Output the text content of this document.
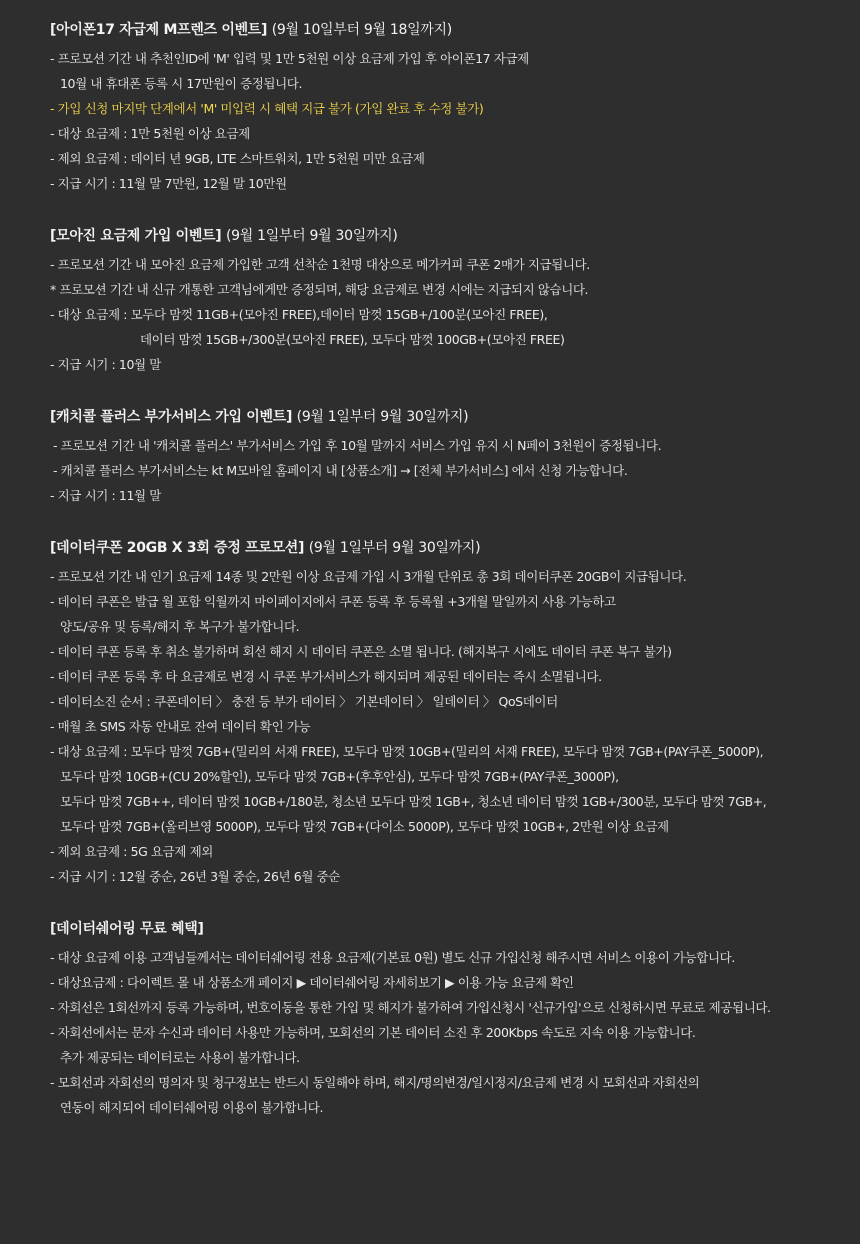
[아이폰17 자급제 M프렌즈 이벤트] (9월 10일부터 9월 18일까지)
- 프로모션 기간 내 추천인ID에 'M' 입력 및 1만 5천원 이상 요금제 가입 후 아이폰17 자급제
10월 내 휴대폰 등록 시 17만원이 증정됩니다.
- 가입 신청 마지막 단계에서 'M' 미입력 시 혜택 지급 불가 (가입 완료 후 수정 불가)
- 대상 요금제 : 1만 5천원 이상 요금제
- 제외 요금제 : 데이터 년 9GB, LTE 스마트워치, 1만 5천원 미만 요금제
- 지급 시기 : 11월 말 7만원, 12월 말 10만원
[모아진 요금제 가입 이벤트] (9월 1일부터 9월 30일까지)
- 프로모션 기간 내 모아진 요금제 가입한 고객 선착순 1천명 대상으로 메가커피 쿠폰 2매가 지급됩니다.
* 프로모션 기간 내 신규 개통한 고객님에게만 증정되며, 해당 요금제로 변경 시에는 지급되지 않습니다.
- 대상 요금제 : 모두다 맘껏 11GB+(모아진 FREE),데이터 맘껏 15GB+/100분(모아진 FREE),
데이터 맘껏 15GB+/300분(모아진 FREE), 모두다 맘껏 100GB+(모아진 FREE)
- 지급 시기 : 10월 말
[캐치콜 플러스 부가서비스 가입 이벤트] (9월 1일부터 9월 30일까지)
- 프로모션 기간 내 '캐치콜 플러스' 부가서비스 가입 후 10월 말까지 서비스 가입 유지 시 N페이 3천원이 증정됩니다.
- 캐치콜 플러스 부가서비스는 kt M모바일 홈페이지 내 [상품소개] → [전체 부가서비스] 에서 신청 가능합니다.
- 지급 시기 : 11월 말
[데이터쿠폰 20GB X 3회 증정 프로모션] (9월 1일부터 9월 30일까지)
- 프로모션 기간 내 인기 요금제 14종 및 2만원 이상 요금제 가입 시 3개월 단위로 총 3회 데이터쿠폰 20GB이 지급됩니다.
- 데이터 쿠폰은 발급 월 포함 익월까지 마이페이지에서 쿠폰 등록 후 등록월 +3개월 말일까지 사용 가능하고
양도/공유 및 등록/해지 후 복구가 불가합니다.
- 데이터 쿠폰 등록 후 취소 불가하며 회선 해지 시 데이터 쿠폰은 소멸 됩니다. (해지복구 시에도 데이터 쿠폰 복구 불가)
- 데이터 쿠폰 등록 후 타 요금제로 변경 시 쿠폰 부가서비스가 해지되며 제공된 데이터는 즉시 소멸됩니다.
- 데이터소진 순서 : 쿠폰데이터 〉 충전 등 부가 데이터 〉 기본데이터 〉 일데이터 〉 QoS데이터
- 매월 초 SMS 자동 안내로 잔여 데이터 확인 가능
- 대상 요금제 : 모두다 맘껏 7GB+(밀리의 서재 FREE), 모두다 맘껏 10GB+(밀리의 서재 FREE), 모두다 맘껏 7GB+(PAY쿠폰_5000P),
모두다 맘껏 10GB+(CU 20%할인), 모두다 맘껏 7GB+(후후안심), 모두다 맘껏 7GB+(PAY쿠폰_3000P),
모두다 맘껏 7GB++, 데이터 맘껏 10GB+/180분, 청소년 모두다 맘껏 1GB+, 청소년 데이터 맘껏 1GB+/300분, 모두다 맘껏 7GB+,
모두다 맘껏 7GB+(올리브영 5000P), 모두다 맘껏 7GB+(다이소 5000P), 모두다 맘껏 10GB+, 2만원 이상 요금제
- 제외 요금제 : 5G 요금제 제외
- 지급 시기 : 12월 중순, 26년 3월 중순, 26년 6월 중순
[데이터쉐어링 무료 혜택]
- 대상 요금제 이용 고객님들께서는 데이터쉐어링 전용 요금제(기본료 0원) 별도 신규 가입신청 해주시면 서비스 이용이 가능합니다.
- 대상요금제 : 다이렉트 몰 내 상품소개 페이지 ▶ 데이터쉐어링 자세히보기 ▶ 이용 가능 요금제 확인
- 자회선은 1회선까지 등록 가능하며, 번호이동을 통한 가입 및 해지가 불가하여 가입신청시 '신규가입'으로 신청하시면 무료로 제공됩니다.
- 자회선에서는 문자 수신과 데이터 사용만 가능하며, 모회선의 기본 데이터 소진 후 200Kbps 속도로 지속 이용 가능합니다.
추가 제공되는 데이터로는 사용이 불가합니다.
- 모회선과 자회선의 명의자 및 청구정보는 반드시 동일해야 하며, 해지/명의변경/일시정지/요금제 변경 시 모회선과 자회선의
연동이 해지되어 데이터쉐어링 이용이 불가합니다.
